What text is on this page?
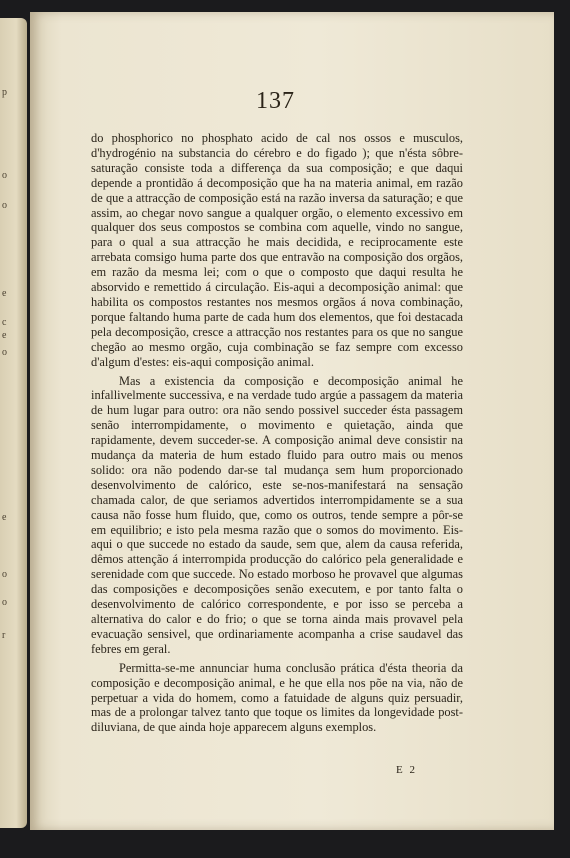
p
o
o
e
c
e
o
e
o
o
r
137

do phosphorico no phosphato acido de cal nos ossos e musculos, d'hydrogénio na substancia do cérebro e do figado ); que n'ésta sôbre-saturação consiste toda a differença da sua composição; e que daqui depende a prontidão á decomposição que ha na materia animal, em razão de que a attracção de composição está na razão inversa da saturação; e que assim, ao chegar novo sangue a qualquer orgão, o elemento excessivo em qualquer dos seus compostos se combina com aquelle, vindo no sangue, para o qual a sua attracção he mais decidida, e reciprocamente este arrebata comsigo huma parte dos que entravão na composição dos orgãos, em razão da mesma lei; com o que o composto que daqui resulta he absorvido e remettido á circulação. Eis-aqui a decomposição animal: que habilita os compostos restantes nos mesmos orgãos á nova combinação, porque faltando huma parte de cada hum dos elementos, que foi destacada pela decomposição, cresce a attracção nos restantes para os que no sangue chegão ao mesmo orgão, cuja combinação se faz sempre com excesso d'algum d'estes: eis-aqui composição animal.

Mas a existencia da composição e decomposição animal he infallivelmente successiva, e na verdade tudo argúe a passagem da materia de hum lugar para outro: ora não sendo possivel succeder ésta passagem senão interrompidamente, o movimento e quietação, ainda que rapidamente, devem succeder-se. A composição animal deve consistir na mudança da materia de hum estado fluido para outro mais ou menos solido: ora não podendo dar-se tal mudança sem hum proporcionado desenvolvimento de calórico, este se-nos-manifestará na sensação chamada calor, de que seriamos advertidos interrompidamente se a sua causa não fosse hum fluido, que, como os outros, tende sempre a pôr-se em equilibrio; e isto pela mesma razão que o somos do movimento. Eis-aqui o que succede no estado da saude, sem que, alem da causa referida, dêmos attenção á interrompida producção do calórico pela generalidade e serenidade com que succede. No estado morboso he provavel que algumas das composições e decomposições senão executem, e por tanto falta o desenvolvimento de calórico correspondente, e por isso se perceba a alternativa do calor e do frio; o que se torna ainda mais provavel pela evacuação sensivel, que ordinariamente acompanha a crise saudavel das febres em geral.

Permitta-se-me annunciar huma conclusão prática d'ésta theoria da composição e decomposição animal, e he que ella nos põe na via, não de perpetuar a vida do homem, como a fatuidade de alguns quiz persuadir, mas de a prolongar talvez tanto que toque os limites da longevidade post-diluviana, de que ainda hoje apparecem alguns exemplos.

E 2
